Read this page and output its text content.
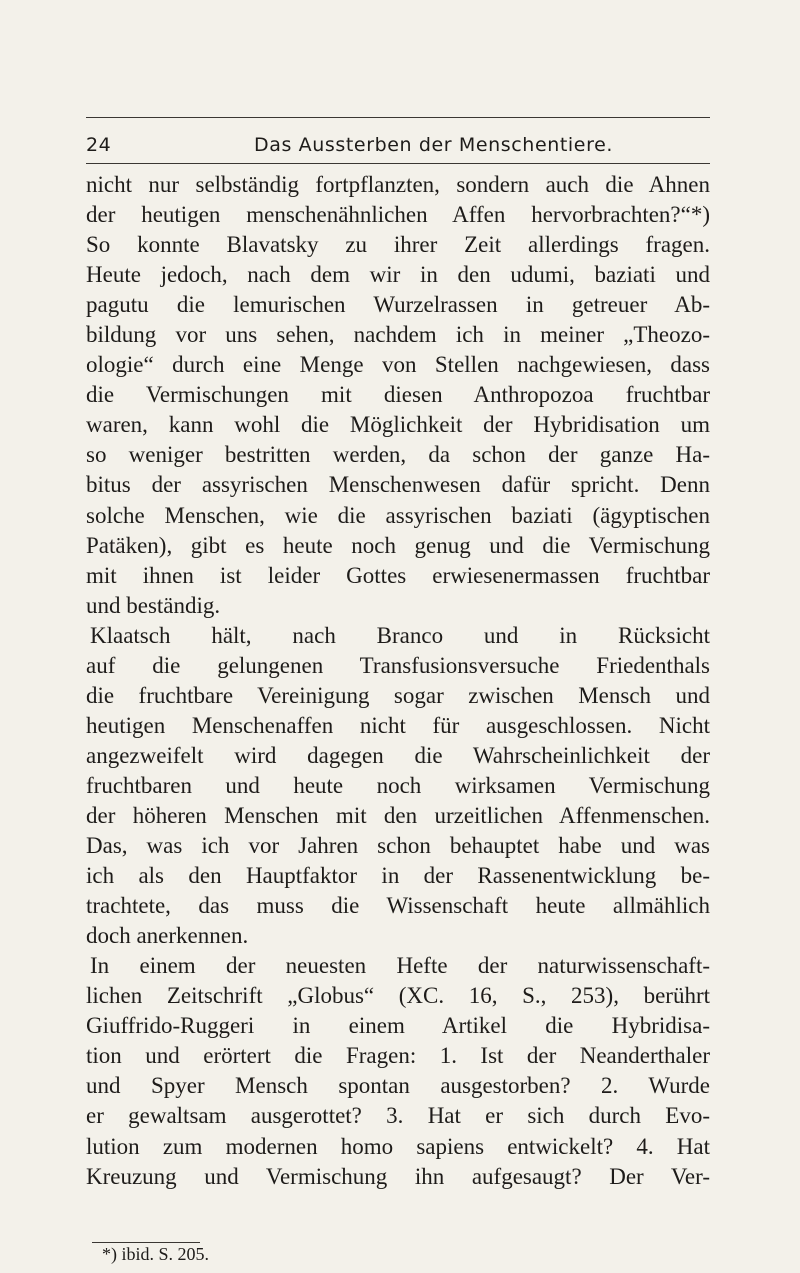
24	Das Aussterben der Menschentiere.
nicht nur selbständig fortpflanzten, sondern auch die Ahnen
der heutigen menschenähnlichen Affen hervorbrachten?“*)
So konnte Blavatsky zu ihrer Zeit allerdings fragen.
Heute jedoch, nach dem wir in den udumi, baziati und
pagutu die lemurischen Wurzelrassen in getreuer Ab-
bildung vor uns sehen, nachdem ich in meiner „Theozo-
ologie“ durch eine Menge von Stellen nachgewiesen, dass
die Vermischungen mit diesen Anthropozoa fruchtbar
waren, kann wohl die Möglichkeit der Hybridisation um
so weniger bestritten werden, da schon der ganze Ha-
bitus der assyrischen Menschenwesen dafür spricht. Denn
solche Menschen, wie die assyrischen baziati (ägyptischen
Patäken), gibt es heute noch genug und die Vermischung
mit ihnen ist leider Gottes erwiesenermassen fruchtbar
und beständig.
Klaatsch hält, nach Branco und in Rücksicht
auf die gelungenen Transfusionsversuche Friedenthals
die fruchtbare Vereinigung sogar zwischen Mensch und
heutigen Menschenaffen nicht für ausgeschlossen. Nicht
angezweifelt wird dagegen die Wahrscheinlichkeit der
fruchtbaren und heute noch wirksamen Vermischung
der höheren Menschen mit den urzeitlichen Affenmenschen.
Das, was ich vor Jahren schon behauptet habe und was
ich als den Hauptfaktor in der Rassenentwicklung be-
trachtete, das muss die Wissenschaft heute allmählich
doch anerkennen.
In einem der neuesten Hefte der naturwissenschaft-
lichen Zeitschrift „Globus“ (XC. 16, S., 253), berührt
Giuffrido-Ruggeri in einem Artikel die Hybridisa-
tion und erörtert die Fragen: 1. Ist der Neanderthaler
und Spyer Mensch spontan ausgestorben? 2. Wurde
er gewaltsam ausgerottet? 3. Hat er sich durch Evo-
lution zum modernen homo sapiens entwickelt? 4. Hat
Kreuzung und Vermischung ihn aufgesaugt? Der Ver-
*) ibid. S. 205.
